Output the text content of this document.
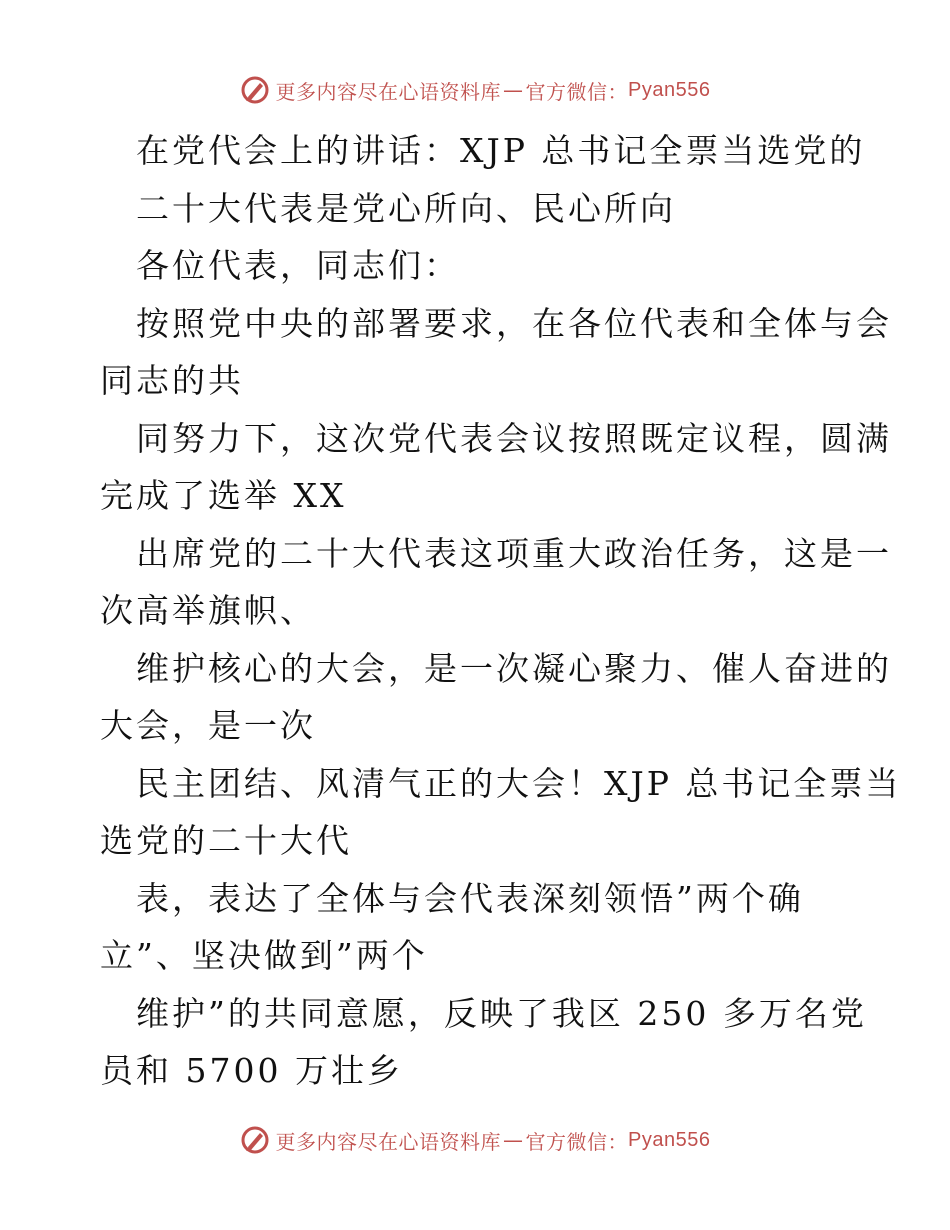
更多内容尽在心语资料库 — 官方微信： Pyan556
在党代会上的讲话：XJP 总书记全票当选党的
二十大代表是党心所向、民心所向
各位代表，同志们：
按照党中央的部署要求，在各位代表和全体与会
同志的共
同努力下，这次党代表会议按照既定议程，圆满
完成了选举 XX
出席党的二十大代表这项重大政治任务，这是一
次高举旗帜、
维护核心的大会，是一次凝心聚力、催人奋进的
大会，是一次
民主团结、风清气正的大会！XJP 总书记全票当
选党的二十大代
表，表达了全体与会代表深刻领悟”两个确
立”、坚决做到”两个
维护”的共同意愿，反映了我区 250 多万名党
员和 5700 万壮乡
更多内容尽在心语资料库 — 官方微信： Pyan556
